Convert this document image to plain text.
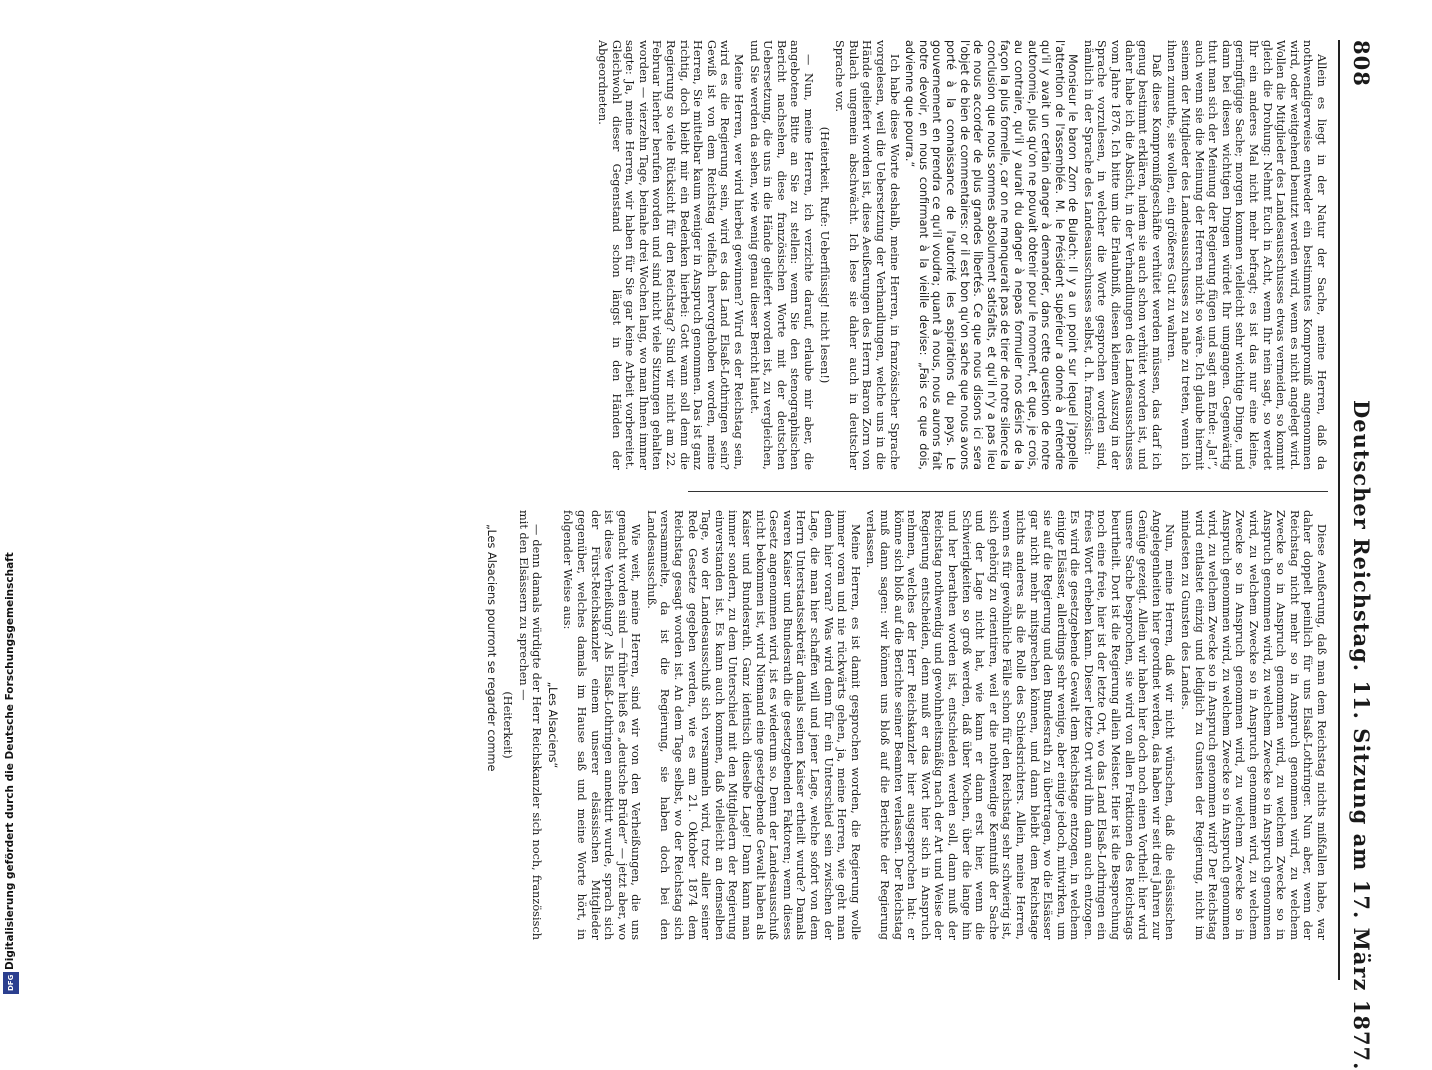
Digitalisierung gefördert durch die Deutsche Forschungsgemeinschaft
DFG
808
Deutscher Reichstag. 11. Sitzung am 17. März 1877.

Allein es liegt in der Natur der Sache, meine Herren, daß da nothwendigerweise entweder ein bestimmtes Kompromiß angenommen wird, oder weitgehend benutzt werden wird, wenn es nicht angelegt wird. Wollen die Mitglieder des Landesausschusses etwas vermeiden, so kommt gleich die Drohung: Nehmt Euch in Acht, wenn Ihr nein sagt, so werdet Ihr ein anderes Mal nicht mehr befragt; es ist das nur eine kleine, geringfügige Sache; morgen kommen vielleicht sehr wichtige Dinge, und dann bei diesen wichtigen Dingen würdet Ihr umgangen. Gegenwärtig thut man sich der Meinung der Regierung fügen und sagt am Ende: „Ja!“, auch wenn sie die Meinung der Herren nicht so wäre. Ich glaube hiermit seinem der Mitglieder des Landesausschusses zu nahe zu treten, wenn ich ihnen zumuthe, sie wollen, ein größeres Gut zu wahren.

Daß diese Kompromißgeschäfte verhütet werden müssen, das darf ich genug bestimmt erklären, indem sie auch schon verhütet worden ist, und daher habe ich die Absicht, in der Verhandlungen des Landesausschusses vom Jahre 1876. Ich bitte um die Erlaubniß, diesen kleinen Auszug in der Sprache vorzulesen, in welcher die Worte gesprochen worden sind, nämlich in der Sprache des Landesausschusses selbst, d. h. französisch:

Monsieur le baron Zorn de Bulach: Il y a un point sur lequel j'appelle l'attention de l'assemblée. M. le Président supérieur a donné à entendre qu'il y avait un certain danger à demander, dans cette question de notre autonomie, plus qu'on ne pouvait obtenir pour le moment, et que, je crois, au contraire, qu'il y aurait du danger à nepas formuler nos désirs de la façon la plus formelle, car on ne manquerait pas de tirer de notre silence la conclusion que nous sommes absolument satisfaits, et qu'il n'y a pas lieu de nous accorder de plus grandes libertés. Ce que nous disons ici sera l'objet de bien de commentaires: or il est bon qu'on sache que nous avons porté à la connaissance de l'autorité les aspirations du pays. Le gouvernement en prendra ce qu'il voudra; quant à nous, nous aurons fait notre devoir, en nous confirmant à la vieille devise: „Fais ce que dois, advienne que pourra.“

Ich habe diese Worte deshalb, meine Herren, in französischer Sprache vorgelesen, weil die Uebersetzung der Verhandlungen, welche uns in die Hände geliefert worden ist, diese Aeußerungen des Herrn Baron Zorn von Bulach ungemein abschwächt. Ich lese sie daher auch in deutscher Sprache vor.

(Heiterkeit. Rufe: Ueberflüssig! nicht lesen!)

— Nun, meine Herren, ich verzichte darauf, erlaube mir aber, die angebotene Bitte an Sie zu stellen: wenn Sie den stenographischen Bericht nachsehen, diese französischen Worte mit der deutschen Uebersetzung, die uns in die Hände geliefert worden ist, zu vergleichen, und Sie werden da sehen, wie wenig genau dieser Bericht lautet.

Meine Herren, wer wird hierbei gewinnen? Wird es der Reichstag sein, wird es die Regierung sein, wird es das Land Elsaß-Lothringen sein? Gewiß ist von dem Reichstag vielfach hervorgehoben worden, meine Herren, Sie mittelbar kaum weniger in Anspruch genommen. Das ist ganz richtig, doch bleibt mir ein Bedenken hierbei: Gott wann soll denn die Regierung so viele Rücksicht für den Reichstag? Sind wir nicht am 22. Februar hierher berufen worden und sind nicht viele Sitzungen gehalten worden — vierzehn Tage, beinahe drei Wochen lang, wo man Ihnen immer sagte: Ja, meine Herren, wir haben für Sie gar keine Arbeit vorbereitet. Gleichwohl dieser Gegenstand schon längst in den Händen der Abgeordneten.

Diese Aeußerung, daß man dem Reichstag nichts mißfallen habe, war daher doppelt peinlich für uns Elsaß-Lothringer. Nun aber, wenn der Reichstag nicht mehr so in Anspruch genommen wird, zu welchem Zwecke so in Anspruch genommen wird, zu welchem Zwecke so in Anspruch genommen wird, zu welchem Zwecke so in Anspruch genommen wird, zu welchem Zwecke so in Anspruch genommen wird, zu welchem Zwecke so in Anspruch genommen wird, zu welchem Zwecke so in Anspruch genommen wird, zu welchem Zwecke so in Anspruch genommen wird, zu welchem Zwecke so in Anspruch genommen wird? Der Reichstag wird entlastet einzig und lediglich zu Gunsten der Regierung, nicht im mindesten zu Gunsten des Landes.

Nun, meine Herren, daß wir nicht wünschen, daß die elsässischen Angelegenheiten hier geordnet werden, das haben wir seit drei Jahren zur Genüge gezeigt. Allein wir haben hier doch noch einen Vortheil: hier wird unsere Sache besprochen, sie wird von allen Fraktionen des Reichstags beurtheilt. Dort ist die Regierung allein Meister. Hier ist die Besprechung noch eine freie, hier ist der letzte Ort, wo das Land Elsaß-Lothringen ein freies Wort erheben kann. Dieser letzte Ort wird ihm dann auch entzogen. Es wird die gesetzgebende Gewalt dem Reichstage entzogen, in welchem einige Elsässer, allerdings sehr wenige, aber einige jedoch, mitwirken, um sie auf die Regierung und den Bundesrath zu übertragen, wo die Elsässer gar nicht mehr mitsprechen können, und dann bleibt dem Reichstage nichts anderes als die Rolle des Schiedsrichters. Allein, meine Herren, wenn es für gewöhnliche Fälle schon für den Reichstag sehr schwierig ist, sich gehörig zu orientiren, weil er die nothwendige Kenntniß der Sache und der Lage nicht hat, wie kann er dann erst hier, wenn die Schwierigkeiten so groß werden, daß über Wochen, über die lange hin und her berathen worden ist, entschieden werden soll, dann muß der Reichstag nothwendig und gewohnheitsmäßig nach der Art und Weise der Regierung entscheiden, denn muß er das Wort hier sich in Anspruch nehmen, welches der Herr Reichskanzler hier ausgesprochen hat: er könne sich bloß auf die Berichte seiner Beamten verlassen. Der Reichstag muß dann sagen: wir können uns bloß auf die Berichte der Regierung verlassen.

Meine Herren, es ist damit gesprochen worden, die Regierung wolle immer voran und nie rückwärts gehen, ja, meine Herren, wie geht man denn hier voran? Was wird denn für ein Unterschied sein zwischen der Lage, die man hier schaffen will und jener Lage, welche sofort von dem Herrn Unterstaatssekretär damals seinen Kaiser ertheilt wurde? Damals waren Kaiser und Bundesrath die gesetzgebenden Faktoren; wenn dieses Gesetz angenommen wird, ist es wiederum so. Denn der Landesausschuß nicht bekommen ist, wird Niemand eine gesetzgebende Gewalt haben als Kaiser und Bundesrath. Ganz identisch dieselbe Lage! Dann kann man immer sondern, zu dem Unterschied mit den Mitgliedern der Regierung einverstanden ist. Es kann auch kommen, daß vielleicht an demselben Tage, wo der Landesausschuß sich versammeln wird, trotz aller seiner Rede Gesetze gegeben werden, wie es am 21. Oktober 1874 dem Reichstag gesagt worden ist. An dem Tage selbst, wo der Reichstag sich versammelte, da ist die Regierung, sie haben doch bei den Landesausschuß.

Wie weit, meine Herren, sind wir von den Verheißungen, die uns gemacht worden sind — früher hieß es „deutsche Brüder“ — jetzt aber, wo ist diese Verheißung? Als Elsaß-Lothringen annektirt wurde, sprach sich der Fürst-Reichskanzler einem unserer elsässischen Mitglieder gegenüber, welches damals im Hause saß und meine Worte hört, in folgender Weise aus:

„Les Alsaciens“

— denn damals würdigte der Herr Reichskanzler sich noch, französisch mit den Elsässern zu sprechen —

(Heiterkeit)

„Les Alsaciens pourront se regarder comme
